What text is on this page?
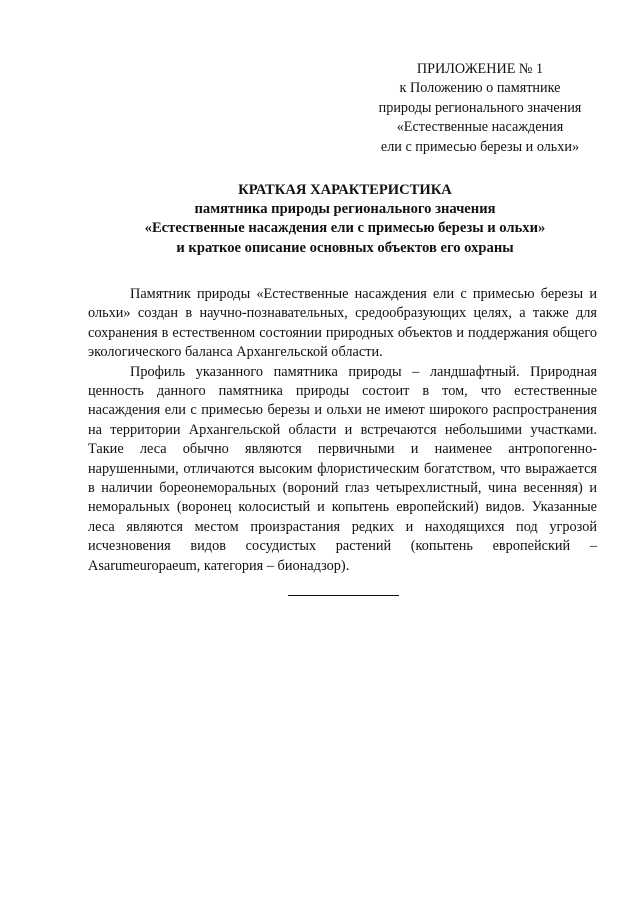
ПРИЛОЖЕНИЕ № 1
к Положению о памятнике
природы регионального значения
«Естественные насаждения
ели с примесью березы и ольхи»
КРАТКАЯ ХАРАКТЕРИСТИКА
памятника природы регионального значения
«Естественные насаждения ели с примесью березы и ольхи»
и краткое описание основных объектов его охраны

Памятник природы «Естественные насаждения ели с примесью березы и ольхи» создан в научно-познавательных, средообразующих целях, а также для сохранения в естественном состоянии природных объектов и поддержания общего экологического баланса Архангельской области.

Профиль указанного памятника природы – ландшафтный. Природная ценность данного памятника природы состоит в том, что естественные насаждения ели с примесью березы и ольхи не имеют широкого распространения на территории Архангельской области и встречаются небольшими участками. Такие леса обычно являются первичными и наименее антропогенно-нарушенными, отличаются высоким флористическим богатством, что выражается в наличии бореонеморальных (вороний глаз четырехлистный, чина весенняя) и неморальных (воронец колосистый и копытень европейский) видов. Указанные леса являются местом произрастания редких и находящихся под угрозой исчезновения видов сосудистых растений (копытень европейский – Asarumeuropaeum, категория – бионадзор).
